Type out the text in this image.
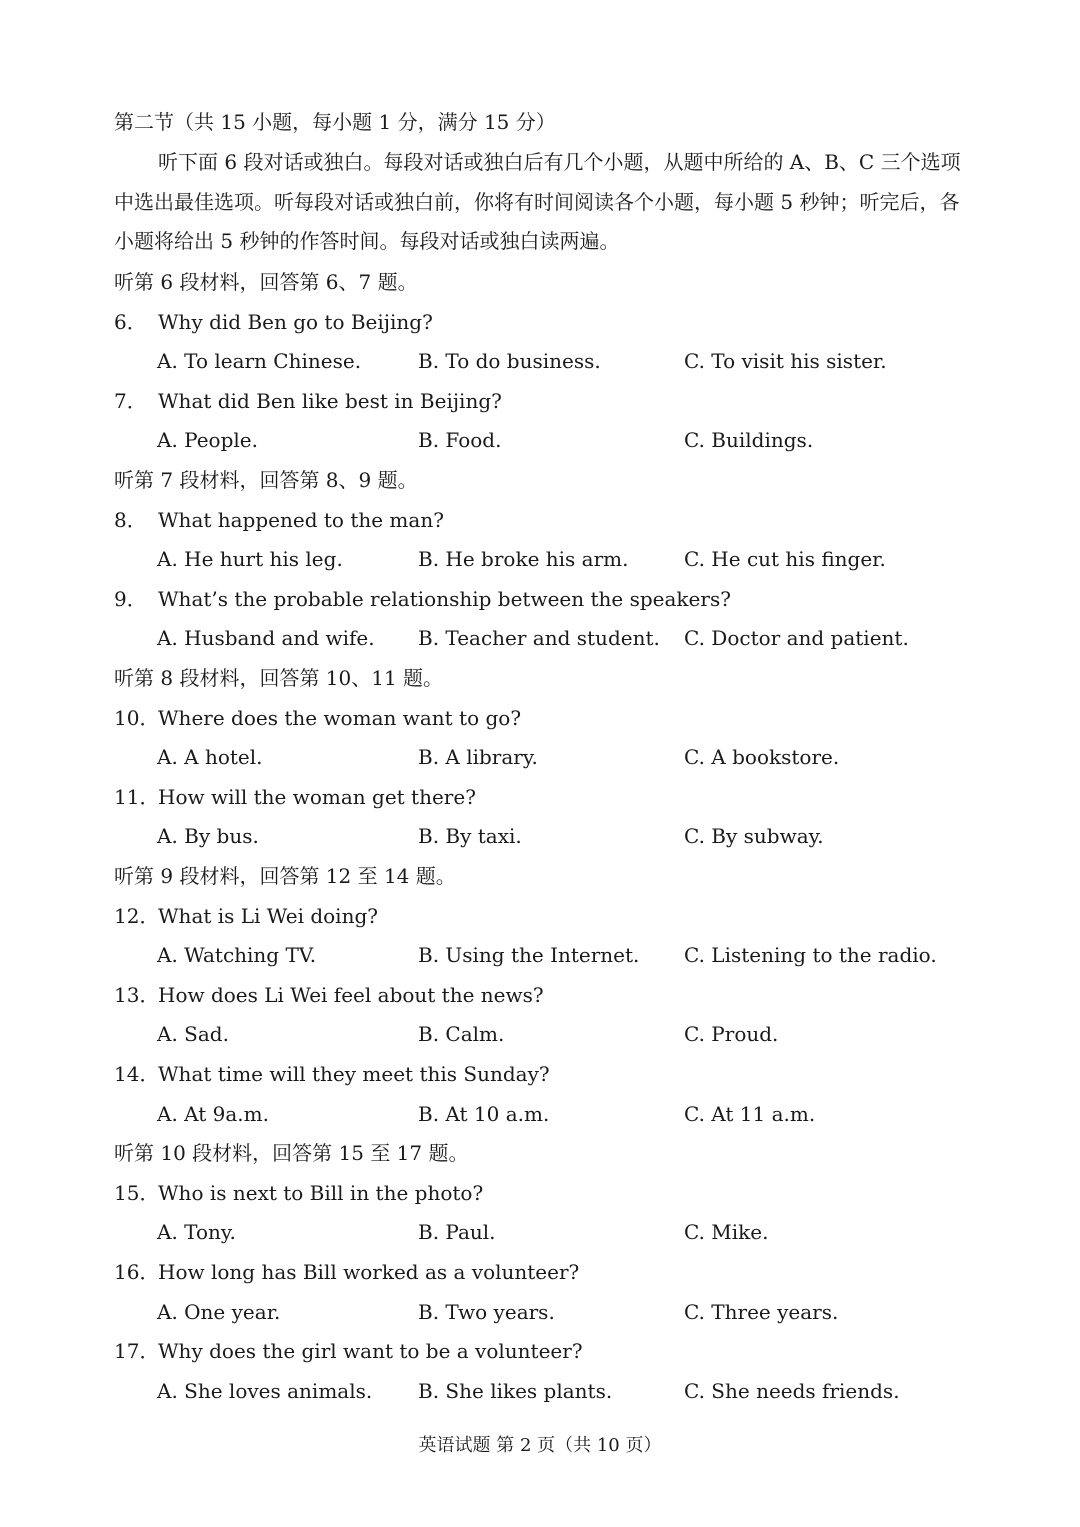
第二节（共 15 小题，每小题 1 分，满分 15 分）
听下面 6 段对话或独白。每段对话或独白后有几个小题，从题中所给的 A、B、C 三个选项中选出最佳选项。听每段对话或独白前，你将有时间阅读各个小题，每小题 5 秒钟；听完后，各小题将给出 5 秒钟的作答时间。每段对话或独白读两遍。
听第 6 段材料，回答第 6、7 题。
6． Why did Ben go to Beijing?
A. To learn Chinese.	B. To do business.	C. To visit his sister.
7． What did Ben like best in Beijing?
A. People.	B. Food.	C. Buildings.
听第 7 段材料，回答第 8、9 题。
8． What happened to the man?
A. He hurt his leg.	B. He broke his arm.	C. He cut his finger.
9． What’s the probable relationship between the speakers?
A. Husband and wife. B. Teacher and student. C. Doctor and patient.
听第 8 段材料，回答第 10、11 题。
10．Where does the woman want to go?
A. A hotel.	B. A library.	C. A bookstore.
11．How will the woman get there?
A. By bus.	B. By taxi.	C. By subway.
听第 9 段材料，回答第 12 至 14 题。
12．What is Li Wei doing?
A. Watching TV.	B. Using the Internet. C. Listening to the radio.
13．How does Li Wei feel about the news?
A. Sad.	B. Calm.	C. Proud.
14．What time will they meet this Sunday?
A. At 9a.m.	B. At 10 a.m.	C. At 11 a.m.
听第 10 段材料，回答第 15 至 17 题。
15．Who is next to Bill in the photo?
A. Tony.	B. Paul.	C. Mike.
16．How long has Bill worked as a volunteer?
A. One year.	B. Two years.	C. Three years.
17．Why does the girl want to be a volunteer?
A. She loves animals. B. She likes plants.	C. She needs friends.
英语试题 第 2 页（共 10 页）
